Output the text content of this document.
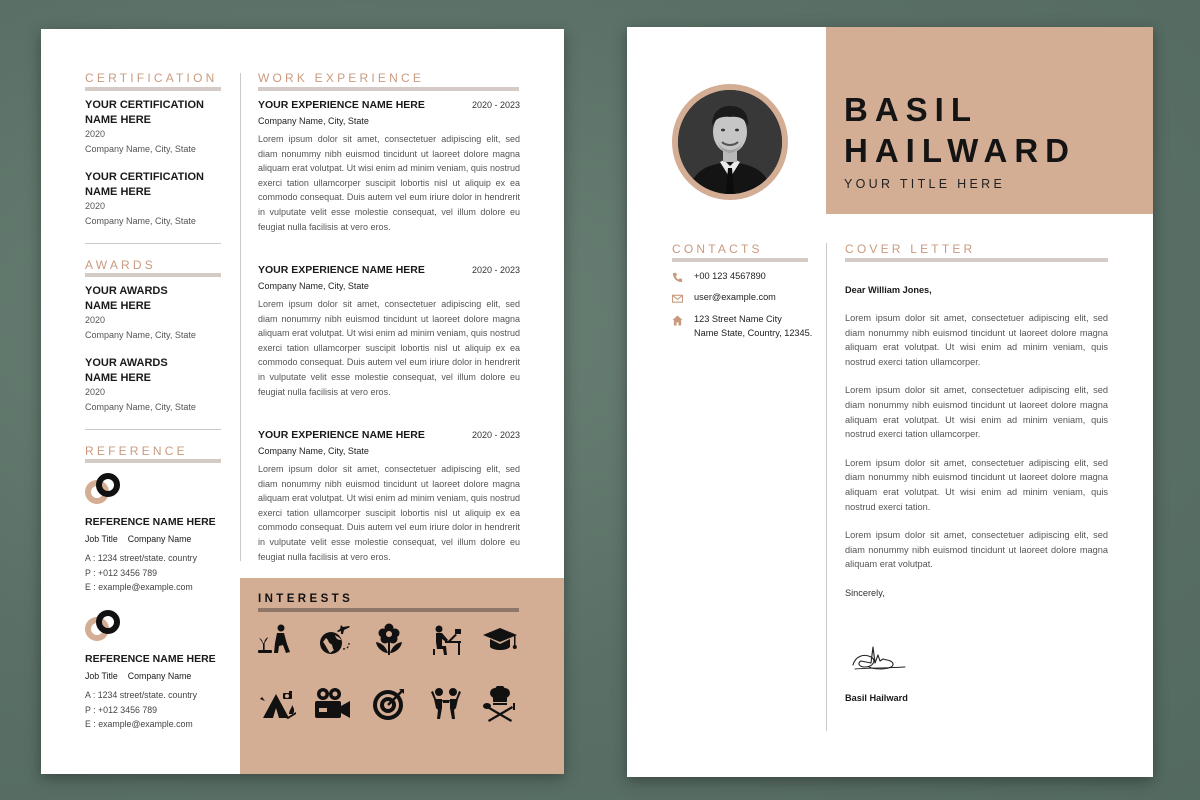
CERTIFICATION
YOUR CERTIFICATION
NAME HERE
2020
Company Name, City, State
YOUR CERTIFICATION
NAME HERE
2020
Company Name, City, State
AWARDS
YOUR AWARDS
NAME HERE
2020
Company Name, City, State
YOUR AWARDS
NAME HERE
2020
Company Name, City, State
REFERENCE
REFERENCE NAME HERE
Job Title Company Name
A : 1234 street/state. country
P : +012 3456 789
E : example@example.com
REFERENCE NAME HERE
Job Title Company Name
A : 1234 street/state. country
P : +012 3456 789
E : example@example.com
WORK EXPERIENCE
YOUR EXPERIENCE NAME HERE	2020 - 2023
Company Name, City, State
Lorem ipsum dolor sit amet, consectetuer adipiscing elit, sed diam nonummy nibh euismod tincidunt ut laoreet dolore magna aliquam erat volutpat. Ut wisi enim ad minim veniam, quis nostrud exerci tation ullamcorper suscipit lobortis nisl ut aliquip ex ea commodo consequat. Duis autem vel eum iriure dolor in hendrerit in vulputate velit esse molestie consequat, vel illum dolore eu feugiat nulla facilisis at vero eros.
YOUR EXPERIENCE NAME HERE	2020 - 2023
Company Name, City, State
Lorem ipsum dolor sit amet, consectetuer adipiscing elit, sed diam nonummy nibh euismod tincidunt ut laoreet dolore magna aliquam erat volutpat. Ut wisi enim ad minim veniam, quis nostrud exerci tation ullamcorper suscipit lobortis nisl ut aliquip ex ea commodo consequat. Duis autem vel eum iriure dolor in hendrerit in vulputate velit esse molestie consequat, vel illum dolore eu feugiat nulla facilisis at vero eros.
YOUR EXPERIENCE NAME HERE	2020 - 2023
Company Name, City, State
Lorem ipsum dolor sit amet, consectetuer adipiscing elit, sed diam nonummy nibh euismod tincidunt ut laoreet dolore magna aliquam erat volutpat. Ut wisi enim ad minim veniam, quis nostrud exerci tation ullamcorper suscipit lobortis nisl ut aliquip ex ea commodo consequat. Duis autem vel eum iriure dolor in hendrerit in vulputate velit esse molestie consequat, vel illum dolore eu feugiat nulla facilisis at vero eros.
INTERESTS
BASIL
HAILWARD
YOUR TITLE HERE
CONTACTS
+00 123 4567890
user@example.com
123 Street Name City
Name State, Country, 12345.
COVER LETTER
Dear William Jones,
Lorem ipsum dolor sit amet, consectetuer adipiscing elit, sed diam nonummy nibh euismod tincidunt ut laoreet dolore magna aliquam erat volutpat. Ut wisi enim ad minim veniam, quis nostrud exerci tation ullamcorper.
Lorem ipsum dolor sit amet, consectetuer adipiscing elit, sed diam nonummy nibh euismod tincidunt ut laoreet dolore magna aliquam erat volutpat. Ut wisi enim ad minim veniam, quis nostrud exerci tation ullamcorper.
Lorem ipsum dolor sit amet, consectetuer adipiscing elit, sed diam nonummy nibh euismod tincidunt ut laoreet dolore magna aliquam erat volutpat. Ut wisi enim ad minim veniam, quis nostrud exerci tation.
Lorem ipsum dolor sit amet, consectetuer adipiscing elit, sed diam nonummy nibh euismod tincidunt ut laoreet dolore magna aliquam erat volutpat.
Sincerely,
Basil Hailward
